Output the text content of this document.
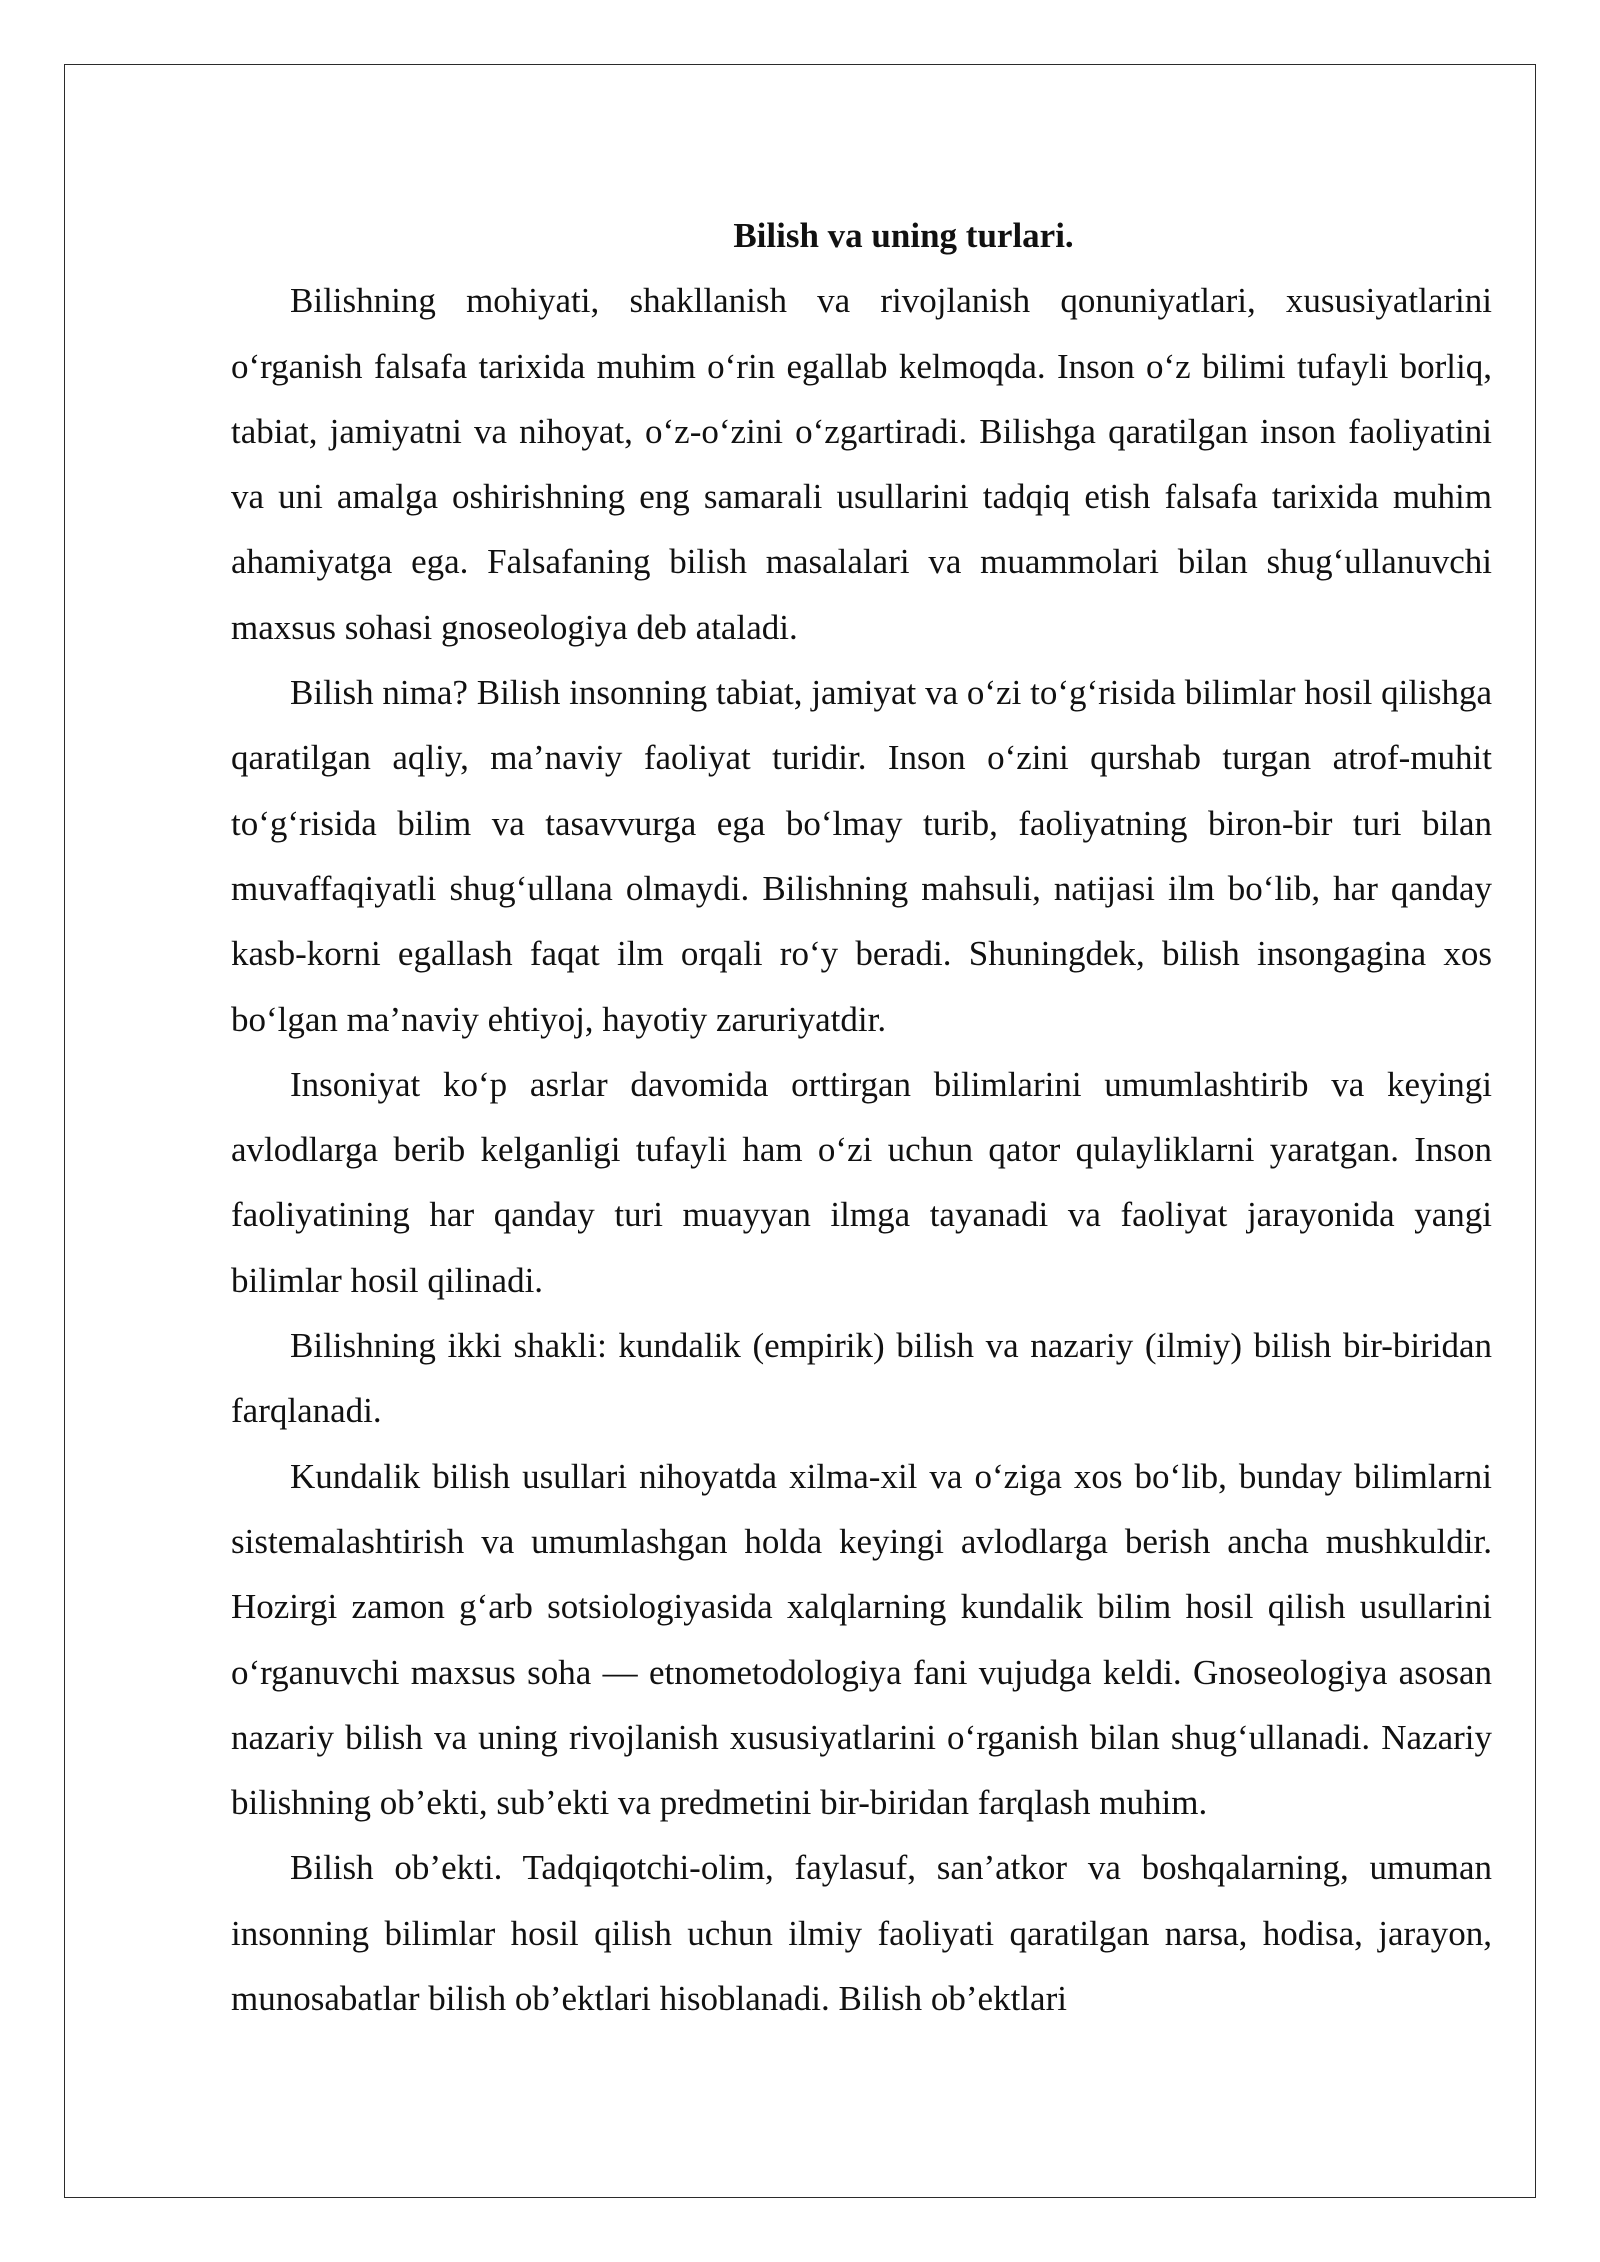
Bilish va uning turlari.

Bilishning mohiyati, shakllanish va rivojlanish qonuniyatlari, xususiyatlarini o‘rganish falsafa tarixida muhim o‘rin egallab kelmoqda. Inson o‘z bilimi tufayli borliq, tabiat, jamiyatni va nihoyat, o‘z-o‘zini o‘zgartiradi. Bilishga qaratilgan inson faoliyatini va uni amalga oshirishning eng samarali usullarini tadqiq etish falsafa tarixida muhim ahamiyatga ega. Falsafaning bilish masalalari va muammolari bilan shug‘ullanuvchi maxsus sohasi gnoseologiya deb ataladi.

Bilish nima? Bilish insonning tabiat, jamiyat va o‘zi to‘g‘risida bilimlar hosil qilishga qaratilgan aqliy, ma’naviy faoliyat turidir. Inson o‘zini qurshab turgan atrof-muhit to‘g‘risida bilim va tasavvurga ega bo‘lmay turib, faoliyatning biron-bir turi bilan muvaffaqiyatli shug‘ullana olmaydi. Bilishning mahsuli, natijasi ilm bo‘lib, har qanday kasb-korni egallash faqat ilm orqali ro‘y beradi. Shuningdek, bilish insongagina xos bo‘lgan ma’naviy ehtiyoj, hayotiy zaruriyatdir.

Insoniyat ko‘p asrlar davomida orttirgan bilimlarini umumlashtirib va keyingi avlodlarga berib kelganligi tufayli ham o‘zi uchun qator qulayliklarni yaratgan. Inson faoliyatining har qanday turi muayyan ilmga tayanadi va faoliyat jarayonida yangi bilimlar hosil qilinadi.

Bilishning ikki shakli: kundalik (empirik) bilish va nazariy (ilmiy) bilish bir-biridan farqlanadi.

Kundalik bilish usullari nihoyatda xilma-xil va o‘ziga xos bo‘lib, bunday bilimlarni sistemalashtirish va umumlashgan holda keyingi avlodlarga berish ancha mushkuldir. Hozirgi zamon g‘arb sotsiologiyasida xalqlarning kundalik bilim hosil qilish usullarini o‘rganuvchi maxsus soha — etnometodologiya fani vujudga keldi. Gnoseologiya asosan nazariy bilish va uning rivojlanish xususiyatlarini o‘rganish bilan shug‘ullanadi. Nazariy bilishning ob’ekti, sub’ekti va predmetini bir-biridan farqlash muhim.

Bilish ob’ekti. Tadqiqotchi-olim, faylasuf, san’atkor va boshqalarning, umuman insonning bilimlar hosil qilish uchun ilmiy faoliyati qaratilgan narsa, hodisa, jarayon, munosabatlar bilish ob’ektlari hisoblanadi. Bilish ob’ektlari
